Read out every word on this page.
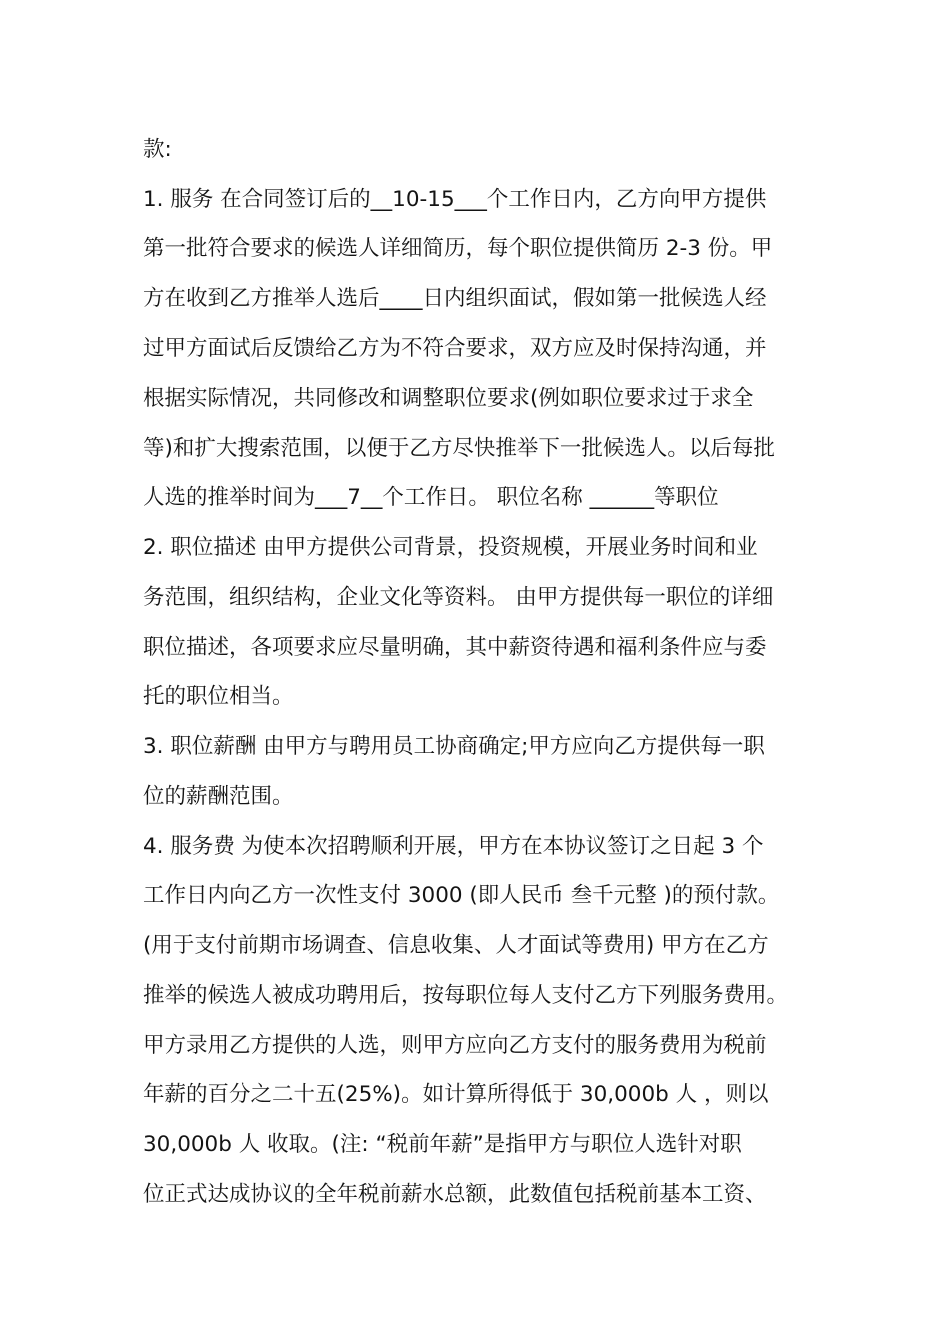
款:
1. 服务 在合同签订后的__10-15___个工作日内，乙方向甲方提供
第一批符合要求的候选人详细简历，每个职位提供简历 2-3 份。甲
方在收到乙方推举人选后____日内组织面试，假如第一批候选人经
过甲方面试后反馈给乙方为不符合要求，双方应及时保持沟通，并
根据实际情况，共同修改和调整职位要求(例如职位要求过于求全
等)和扩大搜索范围，以便于乙方尽快推举下一批候选人。以后每批
人选的推举时间为___7__个工作日。 职位名称 ______等职位
2. 职位描述 由甲方提供公司背景，投资规模，开展业务时间和业
务范围，组织结构，企业文化等资料。 由甲方提供每一职位的详细
职位描述，各项要求应尽量明确，其中薪资待遇和福利条件应与委
托的职位相当。
3. 职位薪酬 由甲方与聘用员工协商确定;甲方应向乙方提供每一职
位的薪酬范围。
4. 服务费 为使本次招聘顺利开展，甲方在本协议签订之日起 3 个
工作日内向乙方一次性支付 3000 (即人民币 叁千元整 )的预付款。
(用于支付前期市场调查、信息收集、人才面试等费用) 甲方在乙方
推举的候选人被成功聘用后，按每职位每人支付乙方下列服务费用。
甲方录用乙方提供的人选，则甲方应向乙方支付的服务费用为税前
年薪的百分之二十五(25%)。如计算所得低于 30,000b 人 ，则以
30,000b 人 收取。(注: “税前年薪”是指甲方与职位人选针对职
位正式达成协议的全年税前薪水总额，此数值包括税前基本工资、
